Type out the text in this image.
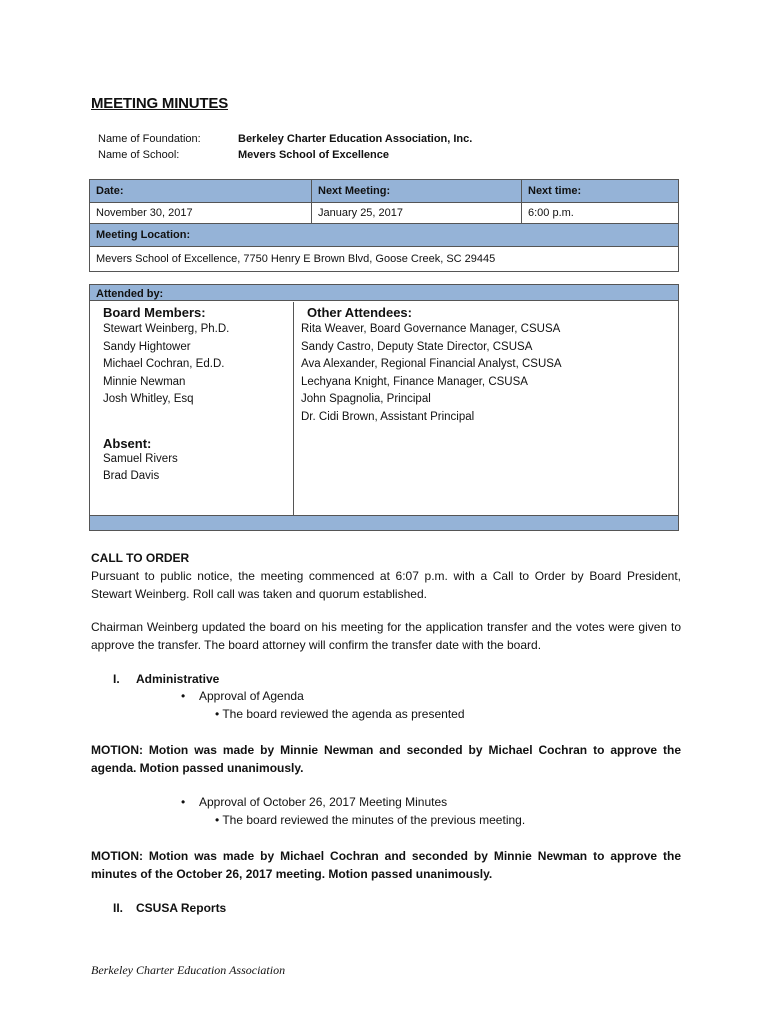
MEETING MINUTES
Name of Foundation:	Berkeley Charter Education Association, Inc.
Name of School:	Mevers School of Excellence
Date:	Next Meeting:	Next time:
November 30, 2017	January 25, 2017	6:00 p.m.
Meeting Location:		
Mevers School of Excellence, 7750 Henry E Brown Blvd, Goose Creek, SC 29445		
Attended by:
Board Members:
Stewart Weinberg, Ph.D.
Sandy Hightower
Michael Cochran, Ed.D.
Minnie Newman
Josh Whitley, Esq
Absent:
Samuel Rivers
Brad Davis
Other Attendees:
Rita Weaver, Board Governance Manager, CSUSA
Sandy Castro, Deputy State Director, CSUSA
Ava Alexander, Regional Financial Analyst, CSUSA
Lechyana Knight, Finance Manager, CSUSA
John Spagnolia, Principal
Dr. Cidi Brown, Assistant Principal
CALL TO ORDER
Pursuant to public notice, the meeting commenced at 6:07 p.m. with a Call to Order by Board President, Stewart Weinberg. Roll call was taken and quorum established.
Chairman Weinberg updated the board on his meeting for the application transfer and the votes were given to approve the transfer. The board attorney will confirm the transfer date with the board.
I. Administrative
• Approval of Agenda
• The board reviewed the agenda as presented
MOTION: Motion was made by Minnie Newman and seconded by Michael Cochran to approve the agenda. Motion passed unanimously.
• Approval of October 26, 2017 Meeting Minutes
• The board reviewed the minutes of the previous meeting.
MOTION: Motion was made by Michael Cochran and seconded by Minnie Newman to approve the minutes of the October 26, 2017 meeting. Motion passed unanimously.
II. CSUSA Reports
Berkeley Charter Education Association
